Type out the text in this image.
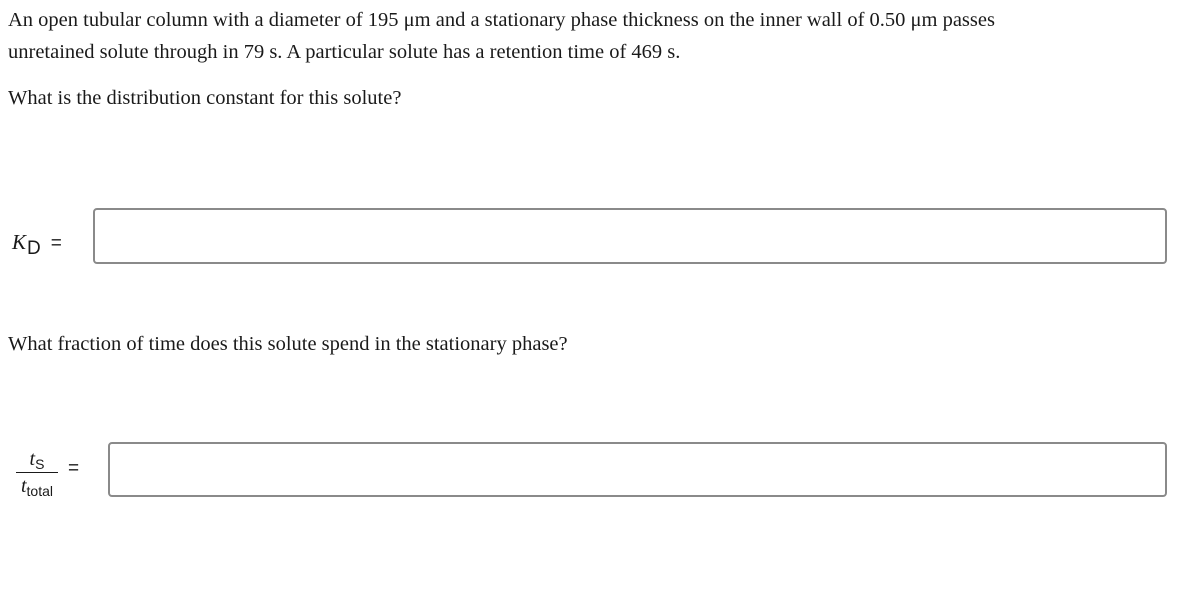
An open tubular column with a diameter of 195 μm and a stationary phase thickness on the inner wall of 0.50 μm passes
unretained solute through in 79 s. A particular solute has a retention time of 469 s.
What is the distribution constant for this solute?
KD =
What fraction of time does this solute spend in the stationary phase?
$t_S$
$t_{total}$
=
